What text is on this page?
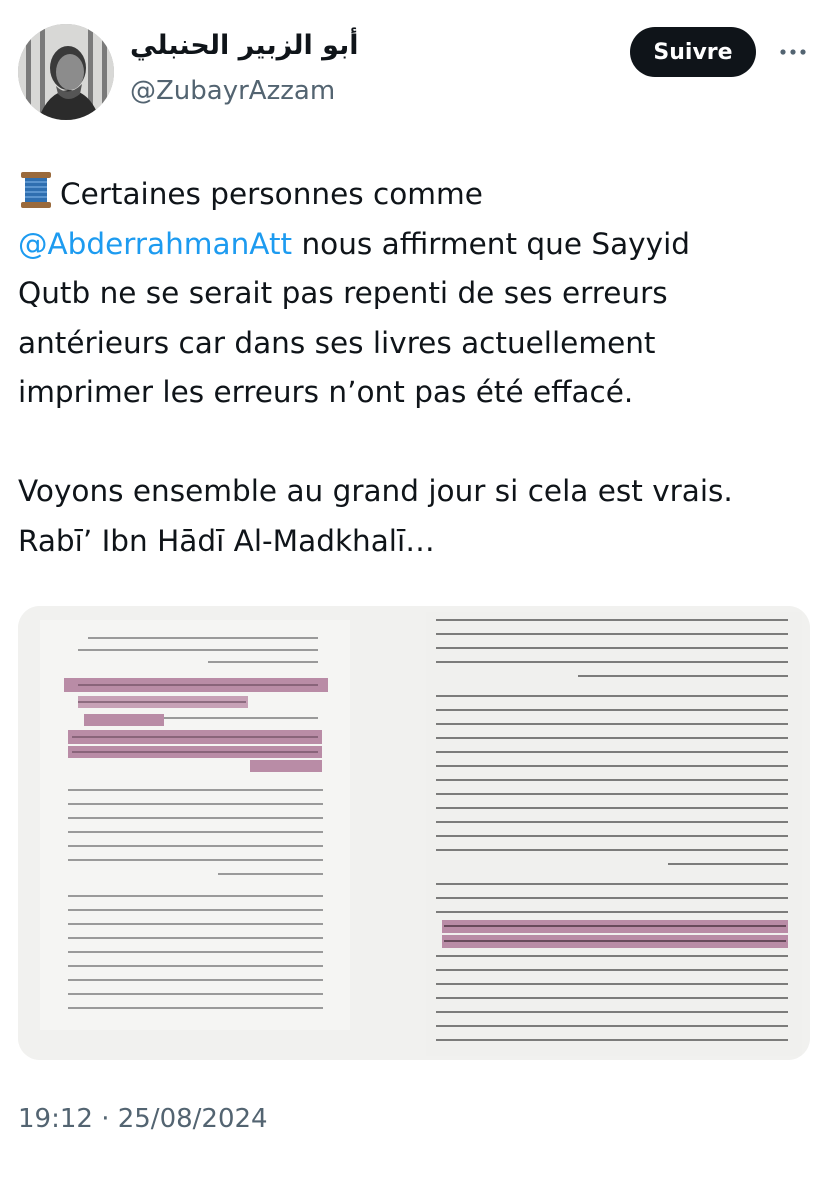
أبو الزبير الحنبلي
@ZubayrAzzam
Suivre
Certaines personnes comme
@AbderrahmanAtt nous affirment que Sayyid
Qutb ne se serait pas repenti de ses erreurs
antérieurs car dans ses livres actuellement
imprimer les erreurs n’ont pas été effacé.

Voyons ensemble au grand jour si cela est vrais.
Rabī’ Ibn Hādī Al-Madkhalī…
19:12 · 25/08/2024
